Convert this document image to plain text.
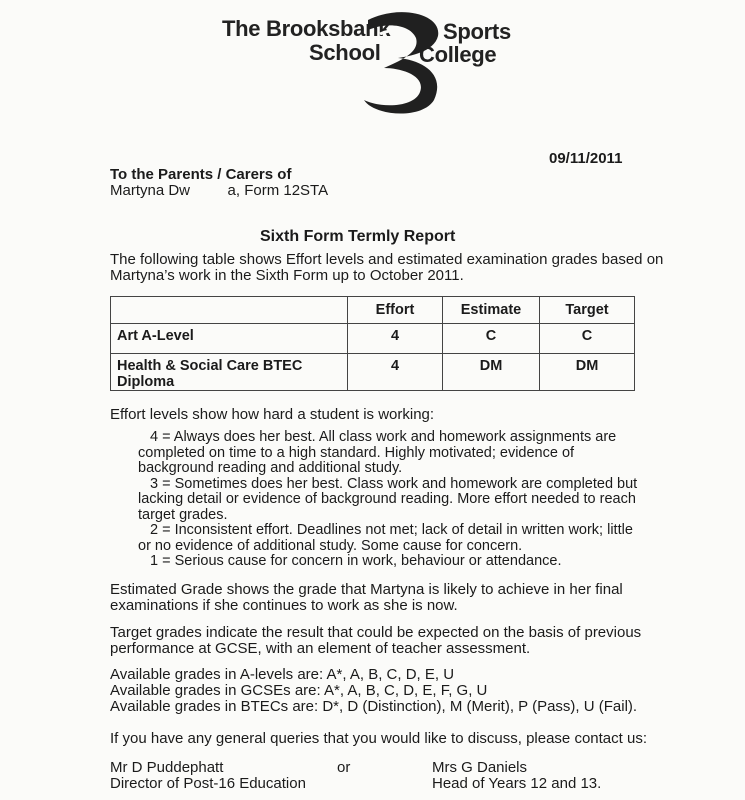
The Brooksbank
School
Sports
College
09/11/2011
To the Parents / Carers of
Martyna Dw         a, Form 12STA
Sixth Form Termly Report
The following table shows Effort levels and estimated examination grades based on
Martyna’s work in the Sixth Form up to October 2011.
	Effort	Estimate	Target
Art A-Level	4	C	C

Health & Social Care BTEC
Diploma	4	DM	DM
Effort levels show how hard a student is working:

4 = Always does her best. All class work and homework assignments are completed on time to a high standard. Highly motivated; evidence of background reading and additional study.

3 = Sometimes does her best. Class work and homework are completed but lacking detail or evidence of background reading. More effort needed to reach target grades.

2 = Inconsistent effort. Deadlines not met; lack of detail in written work; little or no evidence of additional study. Some cause for concern.

1 = Serious cause for concern in work, behaviour or attendance.

Estimated Grade shows the grade that Martyna is likely to achieve in her final
examinations if she continues to work as she is now.
Target grades indicate the result that could be expected on the basis of previous
performance at GCSE, with an element of teacher assessment.
Available grades in A-levels are: A*, A, B, C, D, E, U
Available grades in GCSEs are: A*, A, B, C, D, E, F, G, U
Available grades in BTECs are: D*, D (Distinction), M (Merit), P (Pass), U (Fail).
If you have any general queries that you would like to discuss, please contact us:
Mr D Puddephatt
Director of Post-16 Education
or	Mrs G Daniels
Head of Years 12 and 13.
